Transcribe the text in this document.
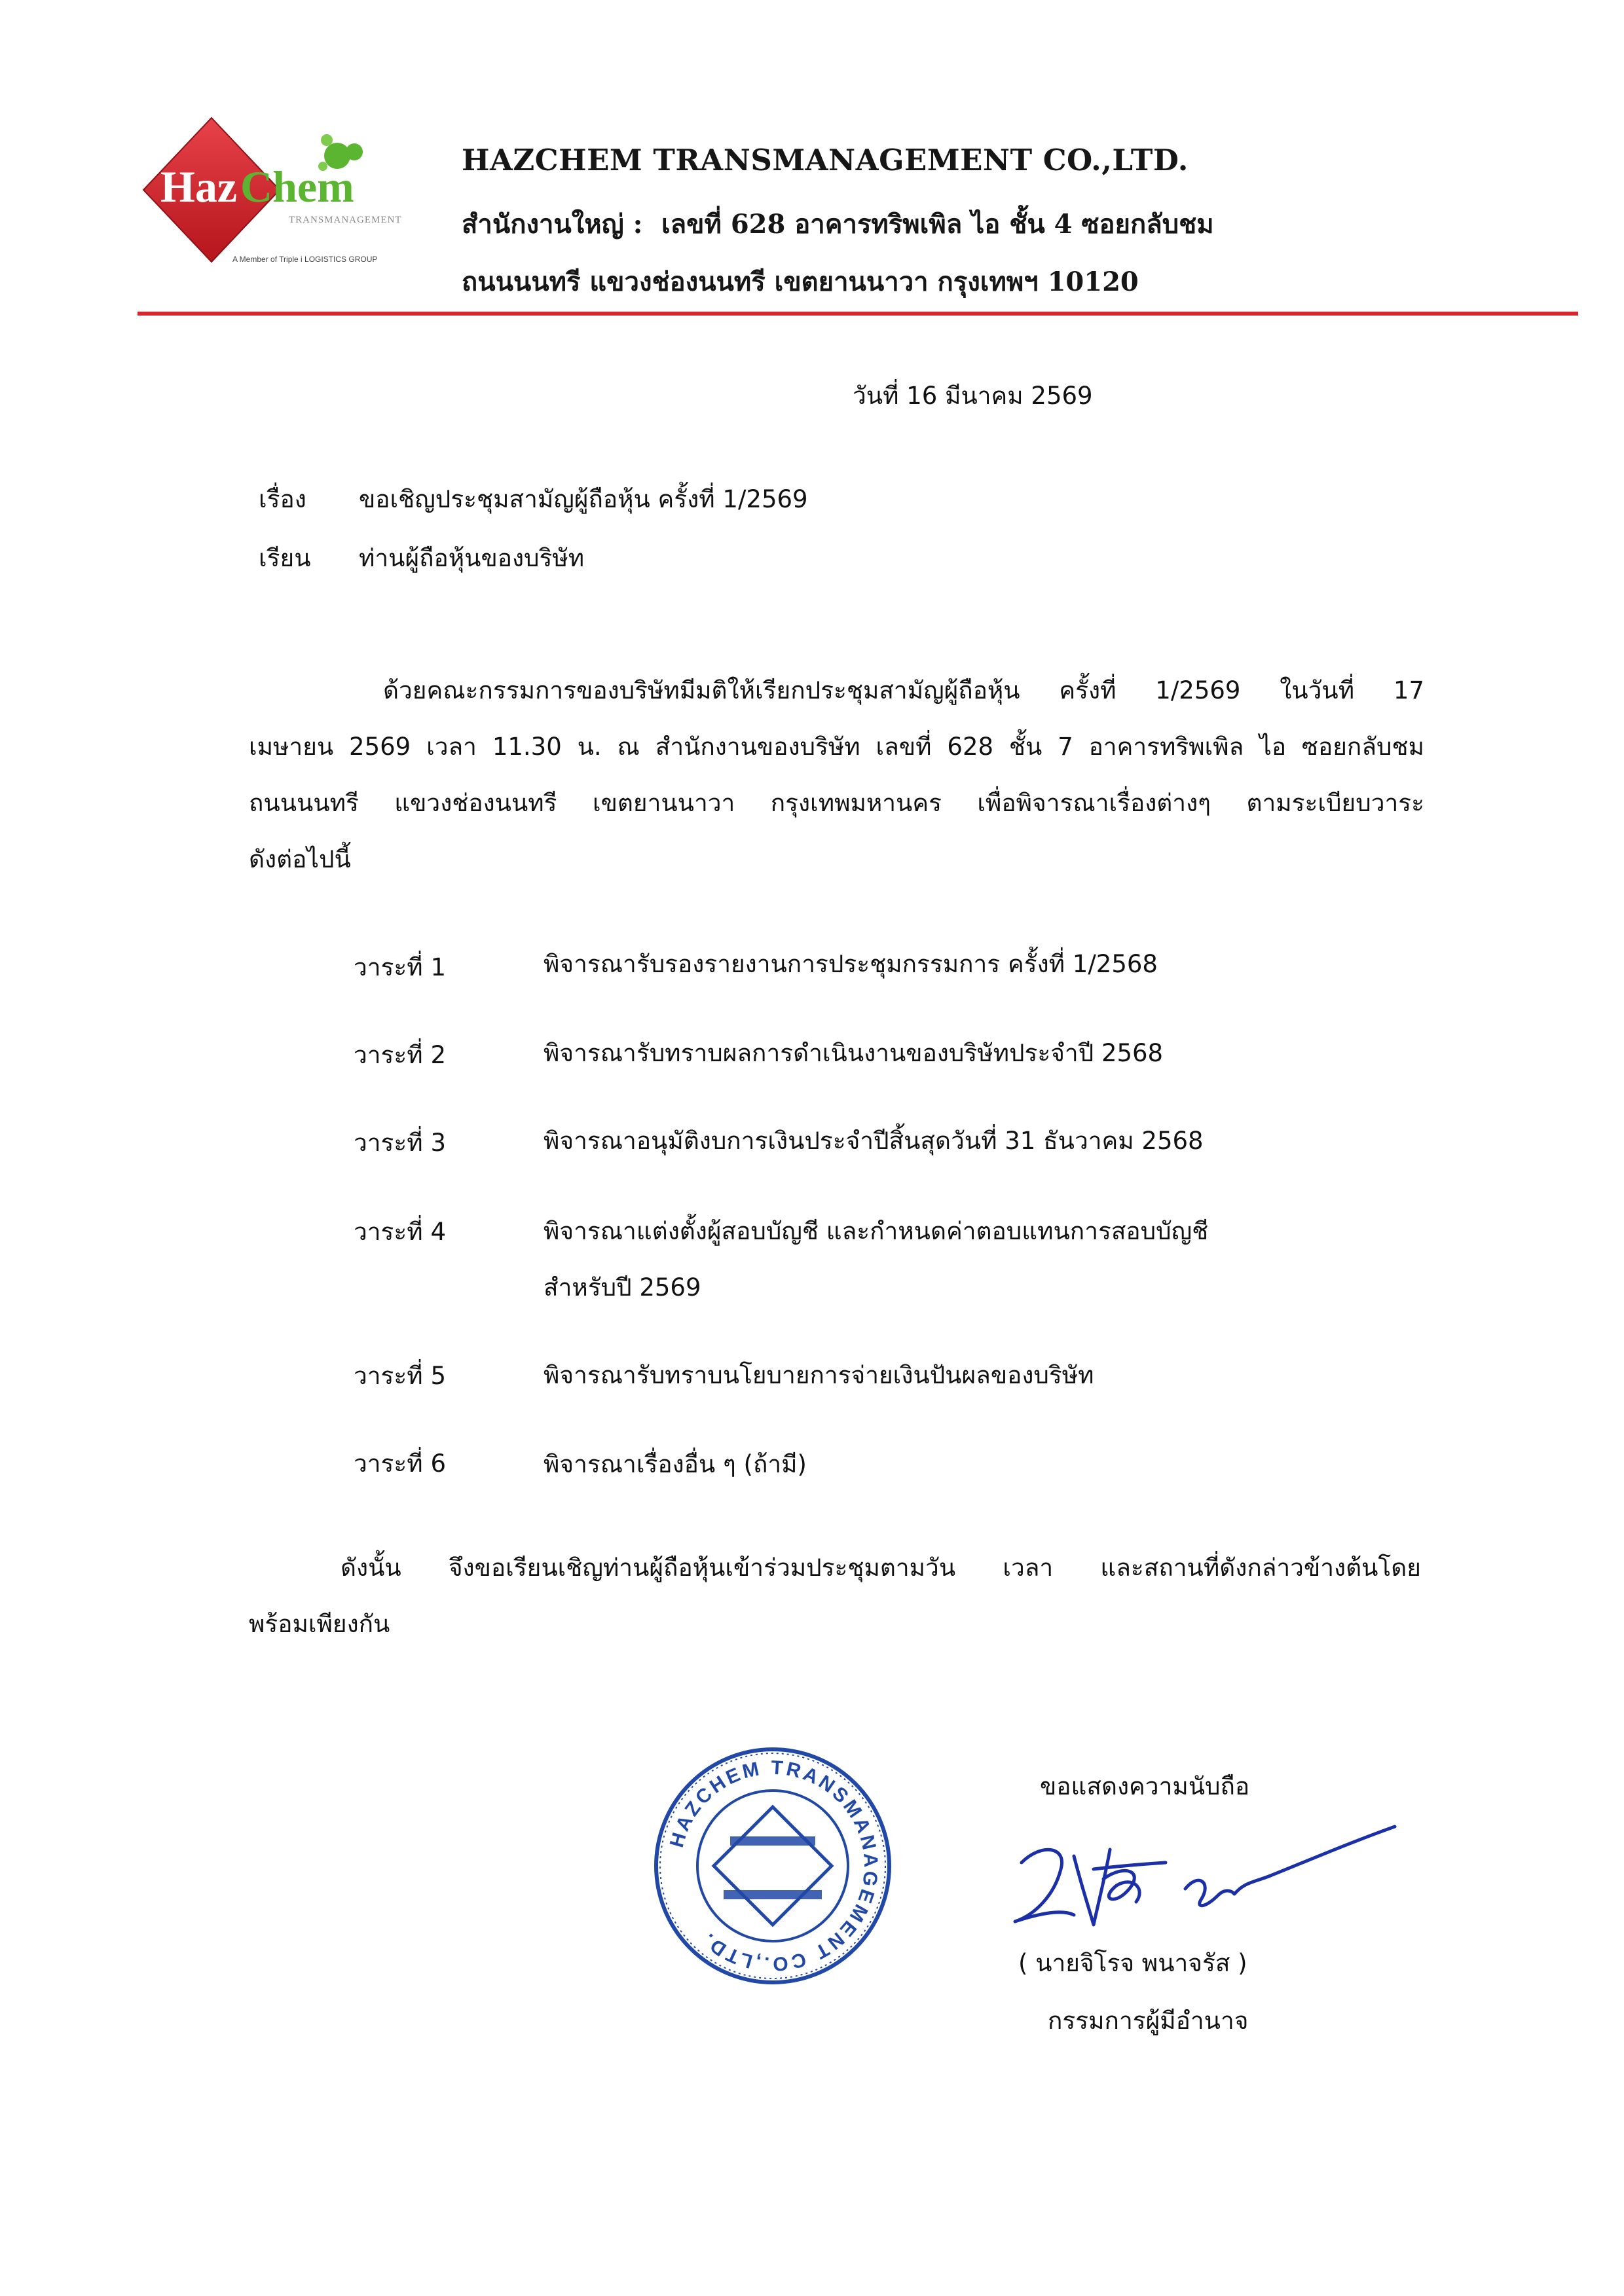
Haz Chem
TRANSMANAGEMENT
A Member of Triple i LOGISTICS GROUP
HAZCHEM TRANSMANAGEMENT CO.,LTD.
สำนักงานใหญ่ : เลขที่ 628 อาคารทริพเพิล ไอ ชั้น 4 ซอยกลับชม
ถนนนนทรี แขวงช่องนนทรี เขตยานนาวา กรุงเทพฯ 10120
วันที่ 16 มีนาคม 2569
เรื่อง ขอเชิญประชุมสามัญผู้ถือหุ้น ครั้งที่ 1/2569
เรียน ท่านผู้ถือหุ้นของบริษัท
ด้วยคณะกรรมการของบริษัทมีมติให้เรียกประชุมสามัญผู้ถือหุ้น ครั้งที่ 1/2569 ในวันที่ 17
เมษายน 2569 เวลา 11.30 น. ณ สำนักงานของบริษัท เลขที่ 628 ชั้น 7 อาคารทริพเพิล ไอ ซอยกลับชม
ถนนนนทรี แขวงช่องนนทรี เขตยานนาวา กรุงเทพมหานคร เพื่อพิจารณาเรื่องต่างๆ ตามระเบียบวาระ
ดังต่อไปนี้
วาระที่ 1	พิจารณารับรองรายงานการประชุมกรรมการ ครั้งที่ 1/2568
วาระที่ 2	พิจารณารับทราบผลการดำเนินงานของบริษัทประจำปี 2568
วาระที่ 3	พิจารณาอนุมัติงบการเงินประจำปีสิ้นสุดวันที่ 31 ธันวาคม 2568
วาระที่ 4	พิจารณาแต่งตั้งผู้สอบบัญชี และกำหนดค่าตอบแทนการสอบบัญชี
สำหรับปี 2569
วาระที่ 5	พิจารณารับทราบนโยบายการจ่ายเงินปันผลของบริษัท
วาระที่ 6	พิจารณาเรื่องอื่น ๆ (ถ้ามี)
ดังนั้น จึงขอเรียนเชิญท่านผู้ถือหุ้นเข้าร่วมประชุมตามวัน เวลา และสถานที่ดังกล่าวข้างต้นโดย
พร้อมเพียงกัน
ขอแสดงความนับถือ
( นายจิโรจ พนาจรัส )
กรรมการผู้มีอำนาจ
HAZCHEM TRANSMANAGEMENT CO.,LTD.
